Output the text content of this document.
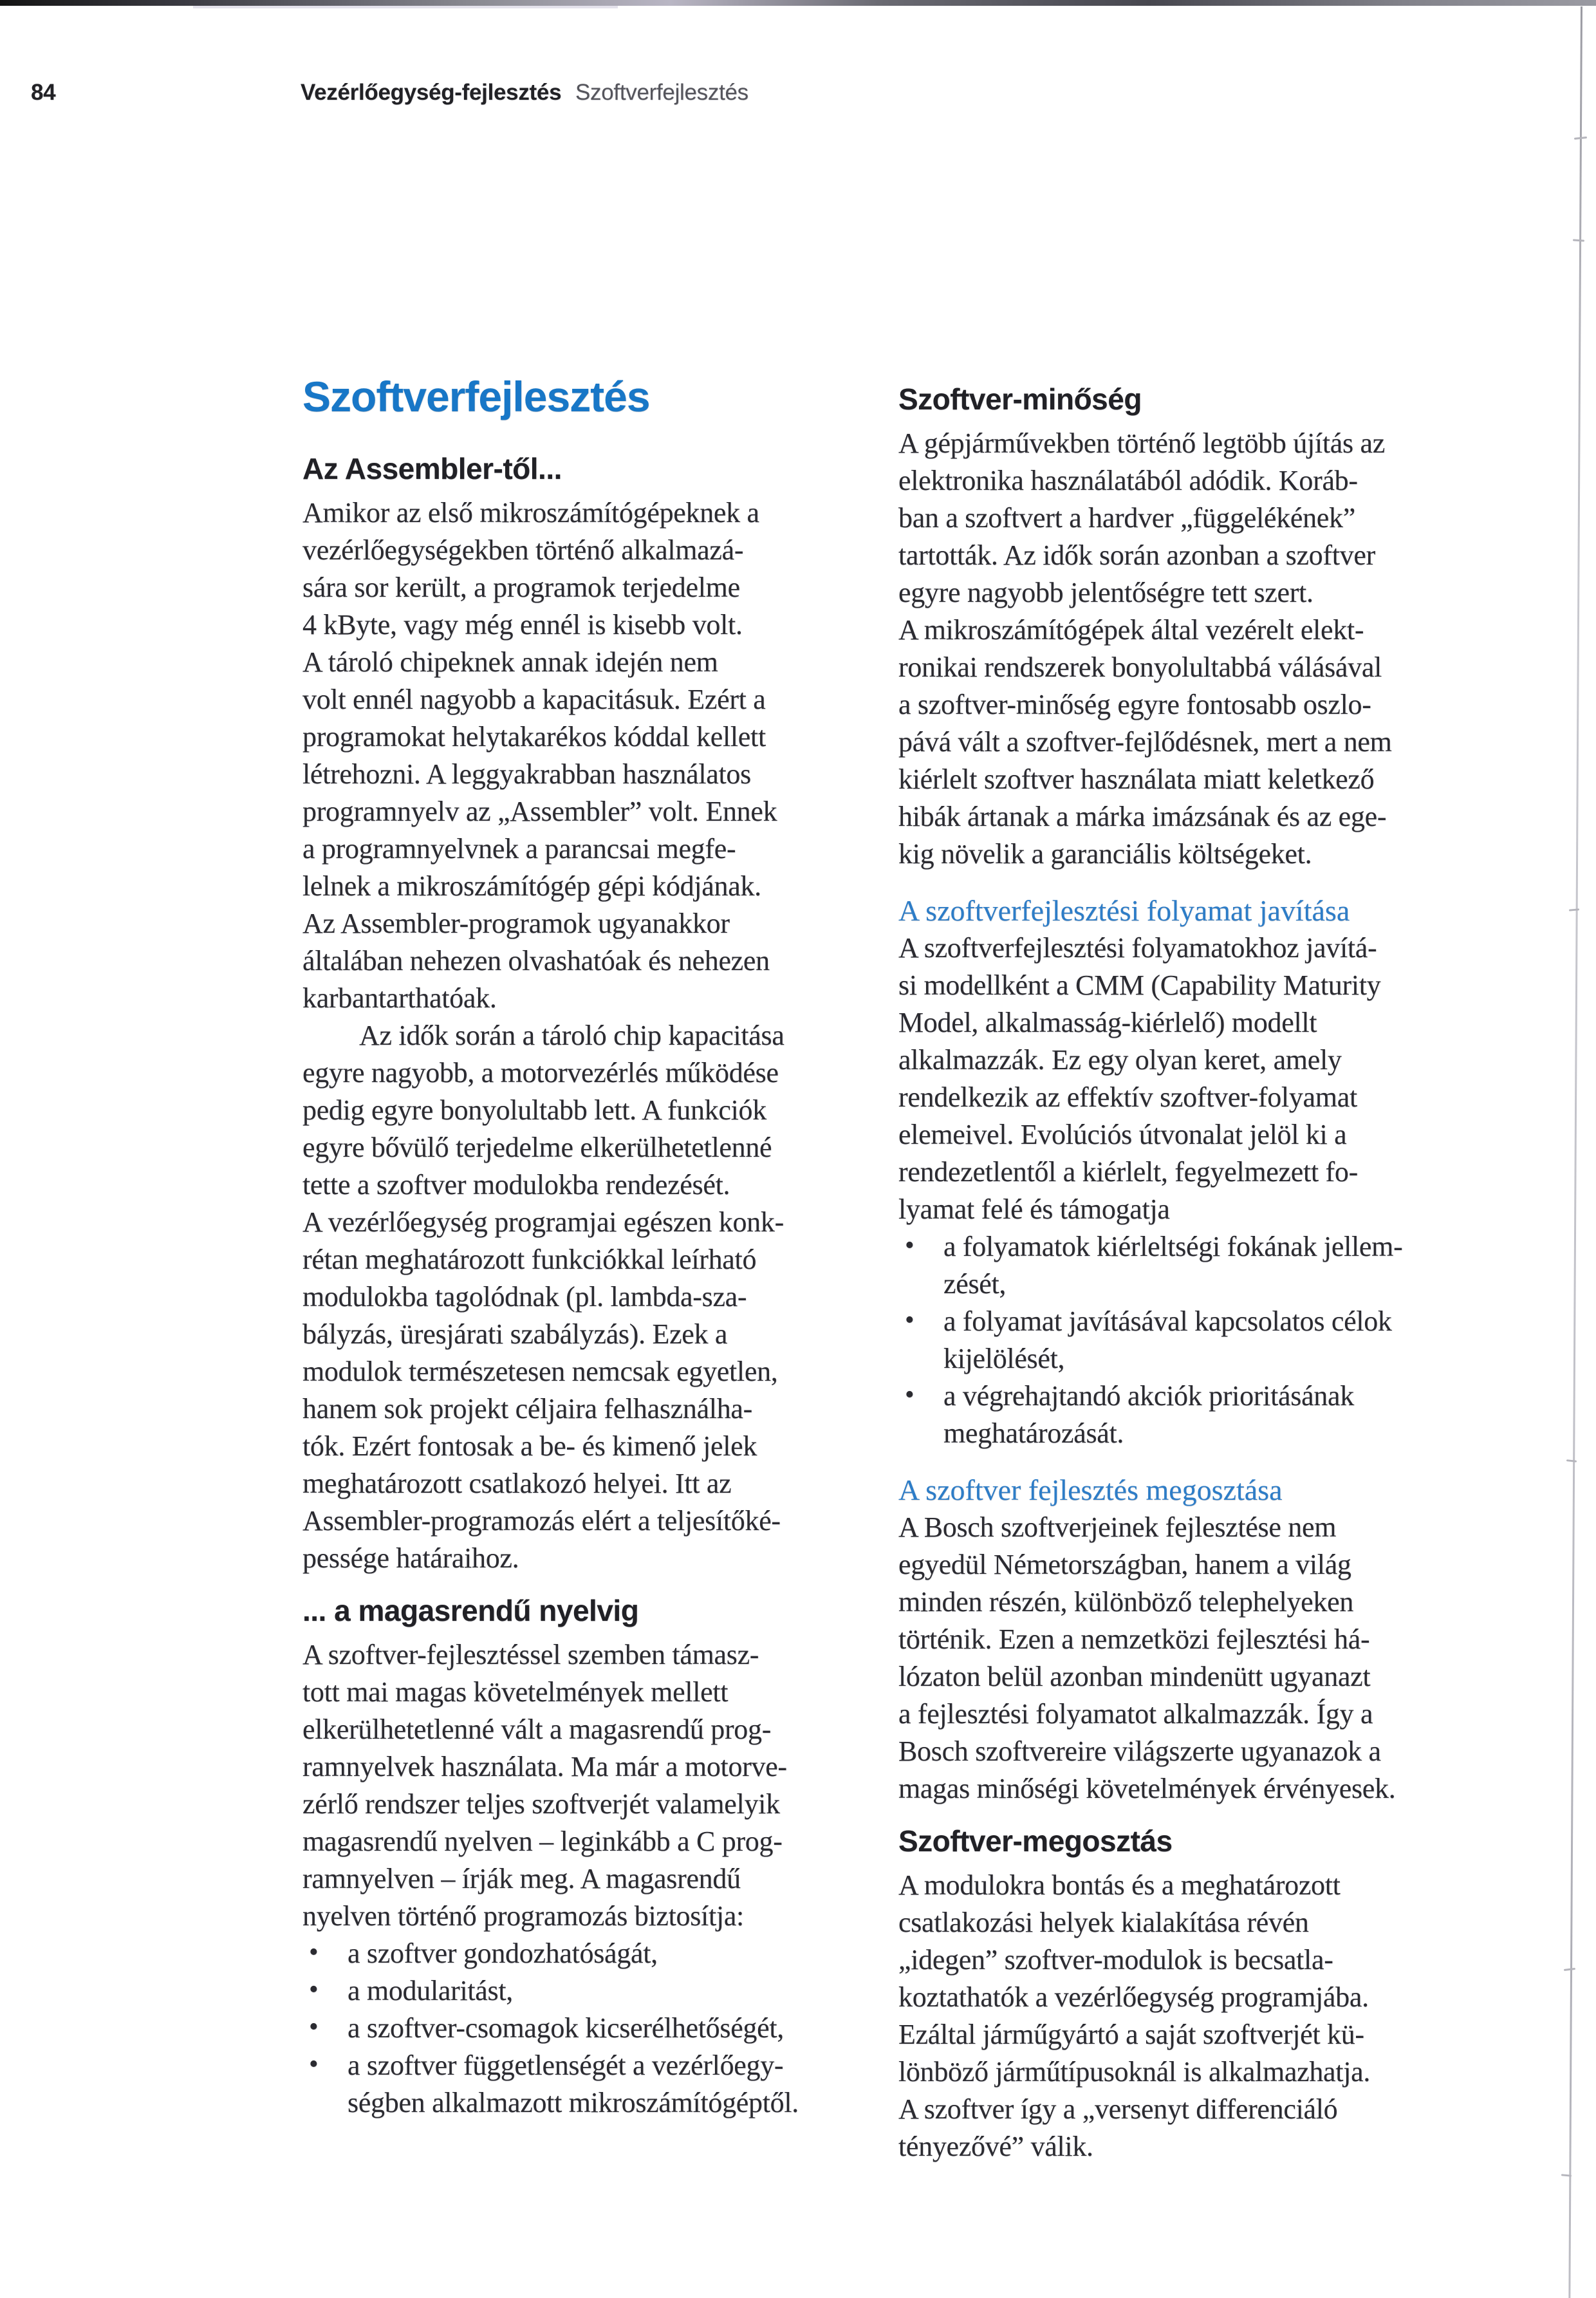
84	Vezérlőegység-fejlesztés Szoftverfejlesztés
Szoftverfejlesztés
Az Assembler-től...
Amikor az első mikroszámítógépeknek a
vezérlőegységekben történő alkalmazá-
sára sor került, a programok terjedelme
4 kByte, vagy még ennél is kisebb volt.
A tároló chipeknek annak idején nem
volt ennél nagyobb a kapacitásuk. Ezért a
programokat helytakarékos kóddal kellett
létrehozni. A leggyakrabban használatos
programnyelv az „Assembler” volt. Ennek
a programnyelvnek a parancsai megfe-
lelnek a mikroszámítógép gépi kódjának.
Az Assembler-programok ugyanakkor
általában nehezen olvashatóak és nehezen
karbantarthatóak.
Az idők során a tároló chip kapacitása
egyre nagyobb, a motorvezérlés működése
pedig egyre bonyolultabb lett. A funkciók
egyre bővülő terjedelme elkerülhetetlenné
tette a szoftver modulokba rendezését.
A vezérlőegység programjai egészen konk-
rétan meghatározott funkciókkal leírható
modulokba tagolódnak (pl. lambda-sza-
bályzás, üresjárati szabályzás). Ezek a
modulok természetesen nemcsak egyetlen,
hanem sok projekt céljaira felhasználha-
tók. Ezért fontosak a be- és kimenő jelek
meghatározott csatlakozó helyei. Itt az
Assembler-programozás elért a teljesítőké-
pessége határaihoz.
... a magasrendű nyelvig
A szoftver-fejlesztéssel szemben támasz-
tott mai magas követelmények mellett
elkerülhetetlenné vált a magasrendű prog-
ramnyelvek használata. Ma már a motorve-
zérlő rendszer teljes szoftverjét valamelyik
magasrendű nyelven – leginkább a C prog-
ramnyelven – írják meg. A magasrendű
nyelven történő programozás biztosítja:
• a szoftver gondozhatóságát,
• a modularitást,
• a szoftver-csomagok kicserélhetőségét,
• a szoftver függetlenségét a vezérlőegy-
ségben alkalmazott mikroszámítógéptől.
Szoftver-minőség
A gépjárművekben történő legtöbb újítás az
elektronika használatából adódik. Koráb-
ban a szoftvert a hardver „függelékének”
tartották. Az idők során azonban a szoftver
egyre nagyobb jelentőségre tett szert.
A mikroszámítógépek által vezérelt elekt-
ronikai rendszerek bonyolultabbá válásával
a szoftver-minőség egyre fontosabb oszlo-
pává vált a szoftver-fejlődésnek, mert a nem
kiérlelt szoftver használata miatt keletkező
hibák ártanak a márka imázsának és az ege-
kig növelik a garanciális költségeket.
A szoftverfejlesztési folyamat javítása
A szoftverfejlesztési folyamatokhoz javítá-
si modellként a CMM (Capability Maturity
Model, alkalmasság-kiérlelő) modellt
alkalmazzák. Ez egy olyan keret, amely
rendelkezik az effektív szoftver-folyamat
elemeivel. Evolúciós útvonalat jelöl ki a
rendezetlentől a kiérlelt, fegyelmezett fo-
lyamat felé és támogatja
• a folyamatok kiérleltségi fokának jellem-
zését,
• a folyamat javításával kapcsolatos célok
kijelölését,
• a végrehajtandó akciók prioritásának
meghatározását.
A szoftver fejlesztés megosztása
A Bosch szoftverjeinek fejlesztése nem
egyedül Németországban, hanem a világ
minden részén, különböző telephelyeken
történik. Ezen a nemzetközi fejlesztési há-
lózaton belül azonban mindenütt ugyanazt
a fejlesztési folyamatot alkalmazzák. Így a
Bosch szoftvereire világszerte ugyanazok a
magas minőségi követelmények érvényesek.
Szoftver-megosztás
A modulokra bontás és a meghatározott
csatlakozási helyek kialakítása révén
„idegen” szoftver-modulok is becsatla-
koztathatók a vezérlőegység programjába.
Ezáltal járműgyártó a saját szoftverjét kü-
lönböző járműtípusoknál is alkalmazhatja.
A szoftver így a „versenyt differenciáló
tényezővé” válik.
